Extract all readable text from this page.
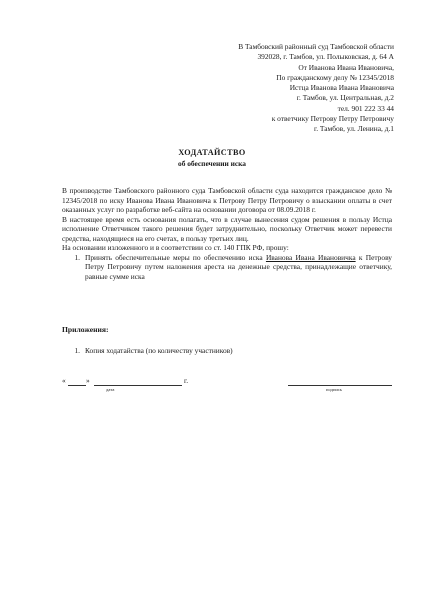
В Тамбовский районный суд Тамбовской области
392028, г. Тамбов, ул. Полыковская, д. 64 А
От Иванова Ивана Ивановича,
По гражданскому делу № 12345/2018
Истца Иванова Ивана Ивановича
г. Тамбов, ул. Центральная, д.2
тел. 901 222 33 44
к ответчику Петрову Петру Петровичу
г. Тамбов, ул. Ленина, д.1
ХОДАТАЙСТВО
об обеспечении иска

В производстве Тамбовского районного суда Тамбовской области суда находится гражданское дело № 12345/2018 по иску Иванова Ивана Ивановича к Петрову Петру Петровичу о взыскании оплаты в счет оказанных услуг по разработке веб-сайта на основании договора от 08.09.2018 г.

В настоящее время есть основания полагать, что в случае вынесения судом решения в пользу Истца исполнение Ответчиком такого решения будет затруднительно, поскольку Ответчик может перевести средства, находящиеся на его счетах, в пользу третьих лиц.

На основании изложенного и в соответствии со ст. 140 ГПК РФ, прошу:

1. Принять обеспечительные меры по обеспечению иска Иванова Ивана Ивановичка к Петрову Петру Петровичу путем наложения ареста на денежные средства, принадлежащие ответчику, равные сумме иска
Приложения:
1. Копия ходатайства (по количеству участников)
«	»	г.
дата	подпись
